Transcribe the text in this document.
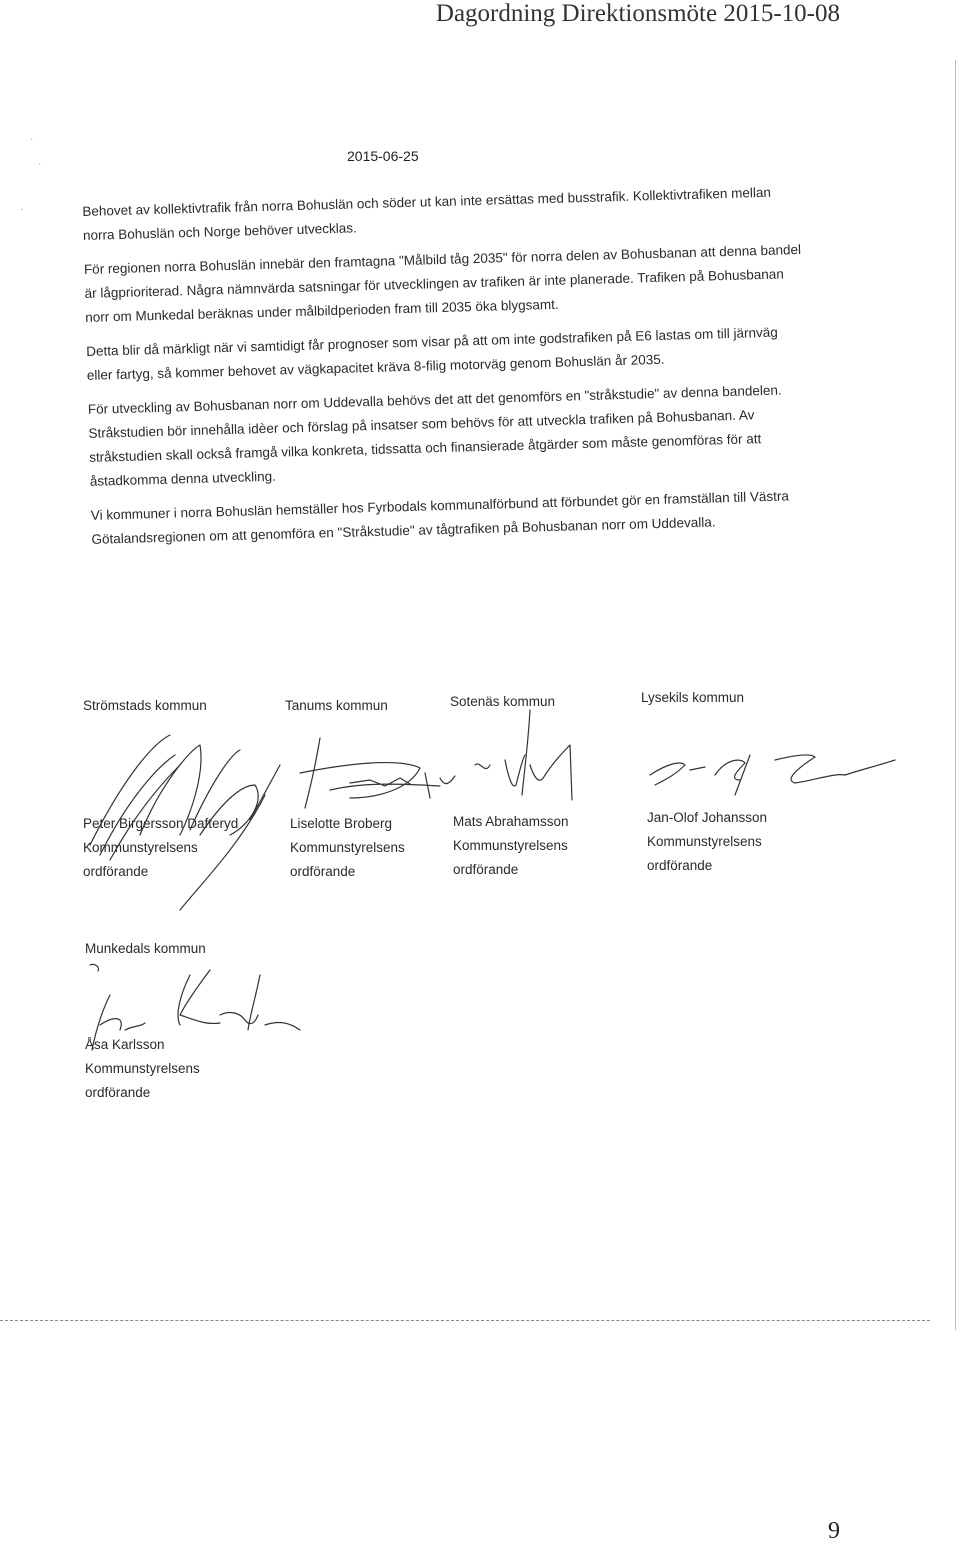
Dagordning Direktionsmöte 2015-10-08
·
·
·
2015-06-25

Behovet av kollektivtrafik från norra Bohuslän och söder ut kan inte ersättas med busstrafik. Kollektivtrafiken mellan norra Bohuslän och Norge behöver utvecklas.

För regionen norra Bohuslän innebär den framtagna "Målbild tåg 2035" för norra delen av Bohusbanan att denna bandel är lågprioriterad. Några nämnvärda satsningar för utvecklingen av trafiken är inte planerade. Trafiken på Bohusbanan norr om Munkedal beräknas under målbildperioden fram till 2035 öka blygsamt.

Detta blir då märkligt när vi samtidigt får prognoser som visar på att om inte godstrafiken på E6 lastas om till järnväg eller fartyg, så kommer behovet av vägkapacitet kräva 8-filig motorväg genom Bohuslän år 2035.

För utveckling av Bohusbanan norr om Uddevalla behövs det att det genomförs en "stråkstudie" av denna bandelen. Stråkstudien bör innehålla idèer och förslag på insatser som behövs för att utveckla trafiken på Bohusbanan. Av stråkstudien skall också framgå vilka konkreta, tidssatta och finansierade åtgärder som måste genomföras för att åstadkomma denna utveckling.

Vi kommuner i norra Bohuslän hemställer hos Fyrbodals kommunalförbund att förbundet gör en framställan till Västra Götalandsregionen om att genomföra en "Stråkstudie" av tågtrafiken på Bohusbanan norr om Uddevalla.

Strömstads kommun
Peter Birgersson Dafteryd
Kommunstyrelsens
ordförande
Tanums kommun
Liselotte Broberg
Kommunstyrelsens
ordförande
Sotenäs kommun
Mats Abrahamsson
Kommunstyrelsens
ordförande
Lysekils kommun
Jan-Olof Johansson
Kommunstyrelsens
ordförande
Munkedals kommun
Åsa Karlsson
Kommunstyrelsens
ordförande
9
